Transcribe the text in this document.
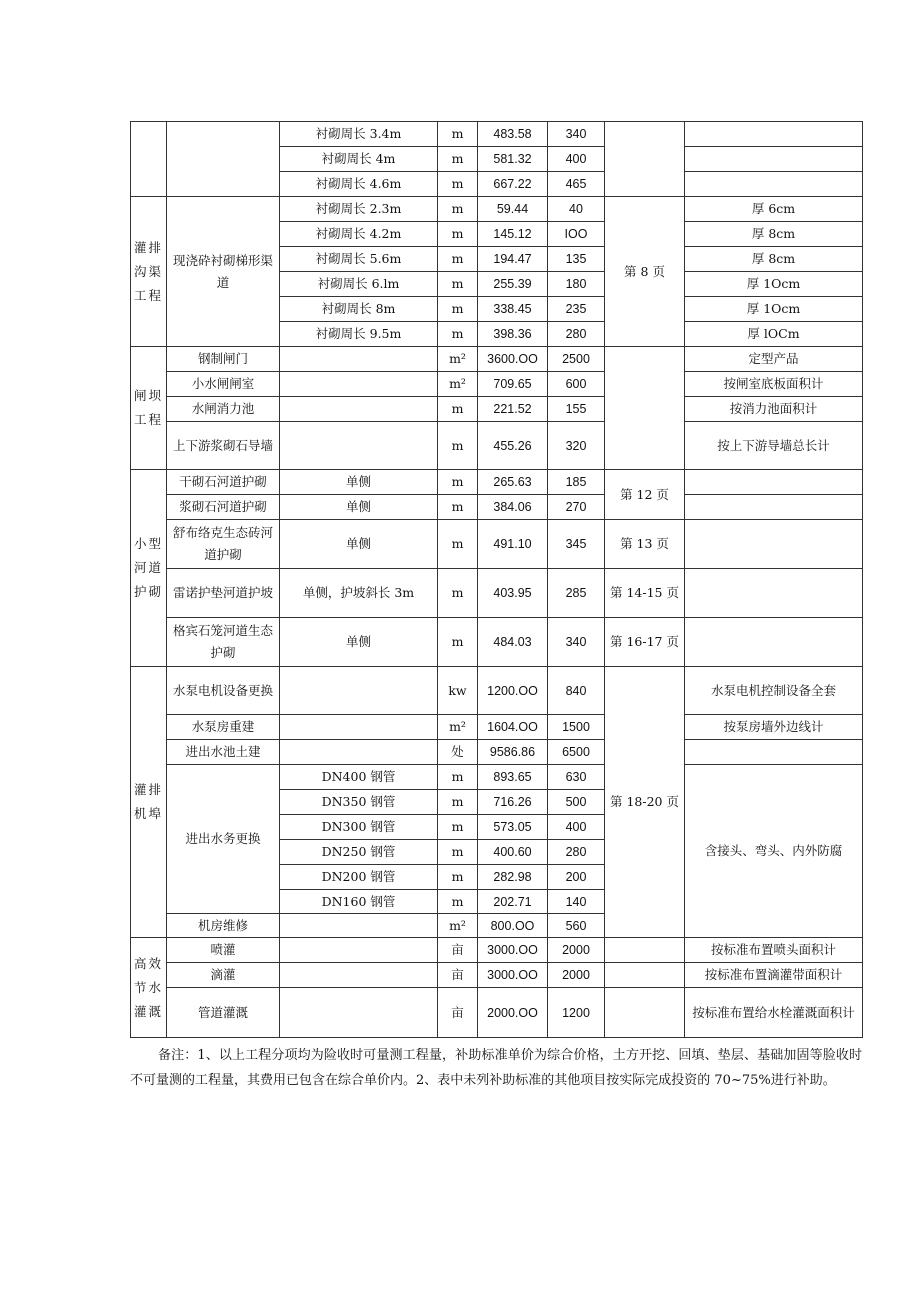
		衬砌周长 3.4m	m	483.58	340		
		衬砌周长 4m	m	581.32	400		
		衬砌周长 4.6m	m	667.22	465		
灌排沟渠工程	现浇砕衬砌梯形渠道	衬砌周长 2.3m	m	59.44	40	第 8 页	厚 6cm
		衬砌周长 4.2m	m	145.12	IOO		厚 8cm
		衬砌周长 5.6m	m	194.47	135		厚 8cm
		衬砌周长 6.lm	m	255.39	180		厚 1Ocm
		衬砌周长 8m	m	338.45	235		厚 1Ocm
		衬砌周长 9.5m	m	398.36	280		厚 lOCm
闸坝工程	钢制闸门		m²	3600.OO	2500		定型产品
	小水闸闸室		m²	709.65	600		按闸室底板面积计
	水闸消力池		m	221.52	155		按消力池面积计
	上下游浆砌石导墙		m	455.26	320		按上下游导墙总长计
小型河道护砌	干砌石河道护砌	单侧	m	265.63	185	第 12 页	
	浆砌石河道护砌	单侧	m	384.06	270		
	舒布络克生态砖河道护砌	单侧	m	491.10	345	第 13 页	
	雷诺护垫河道护坡	单侧，护坡斜长 3m	m	403.95	285	第 14-15 页	
	格宾石笼河道生态护砌	单侧	m	484.03	340	第 16-17 页	
灌排机埠	水泵电机设备更换		kw	1200.OO	840	第 18-20 页	水泵电机控制设备全套
	水泵房重建		m²	1604.OO	1500		按泵房墙外边线计
	进出水池土建		处	9586.86	6500		
	进出水务更换	DN400 钢管	m	893.65	630		含接头、弯头、内外防腐
		DN350 钢管	m	716.26	500		
		DN300 钢管	m	573.05	400		
		DN250 钢管	m	400.60	280		
		DN200 钢管	m	282.98	200		
		DN160 钢管	m	202.71	140		
	机房维修		m²	800.OO	560		
高效节水灌溉	喷灌		亩	3000.OO	2000		按标准布置喷头面积计
	滴灌		亩	3000.OO	2000		按标准布置滴灌带面积计
	管道灌溉		亩	2000.OO	1200		按标准布置给水栓灌溉面积计
备注：1、以上工程分项均为险收时可量测工程量，补助标准单价为综合价格，土方开挖、回填、垫层、基础加固等脸收时不可量测的工程量，其费用已包含在综合单价内。2、表中未列补助标准的其他项目按实际完成投资的 70~75%进行补助。
